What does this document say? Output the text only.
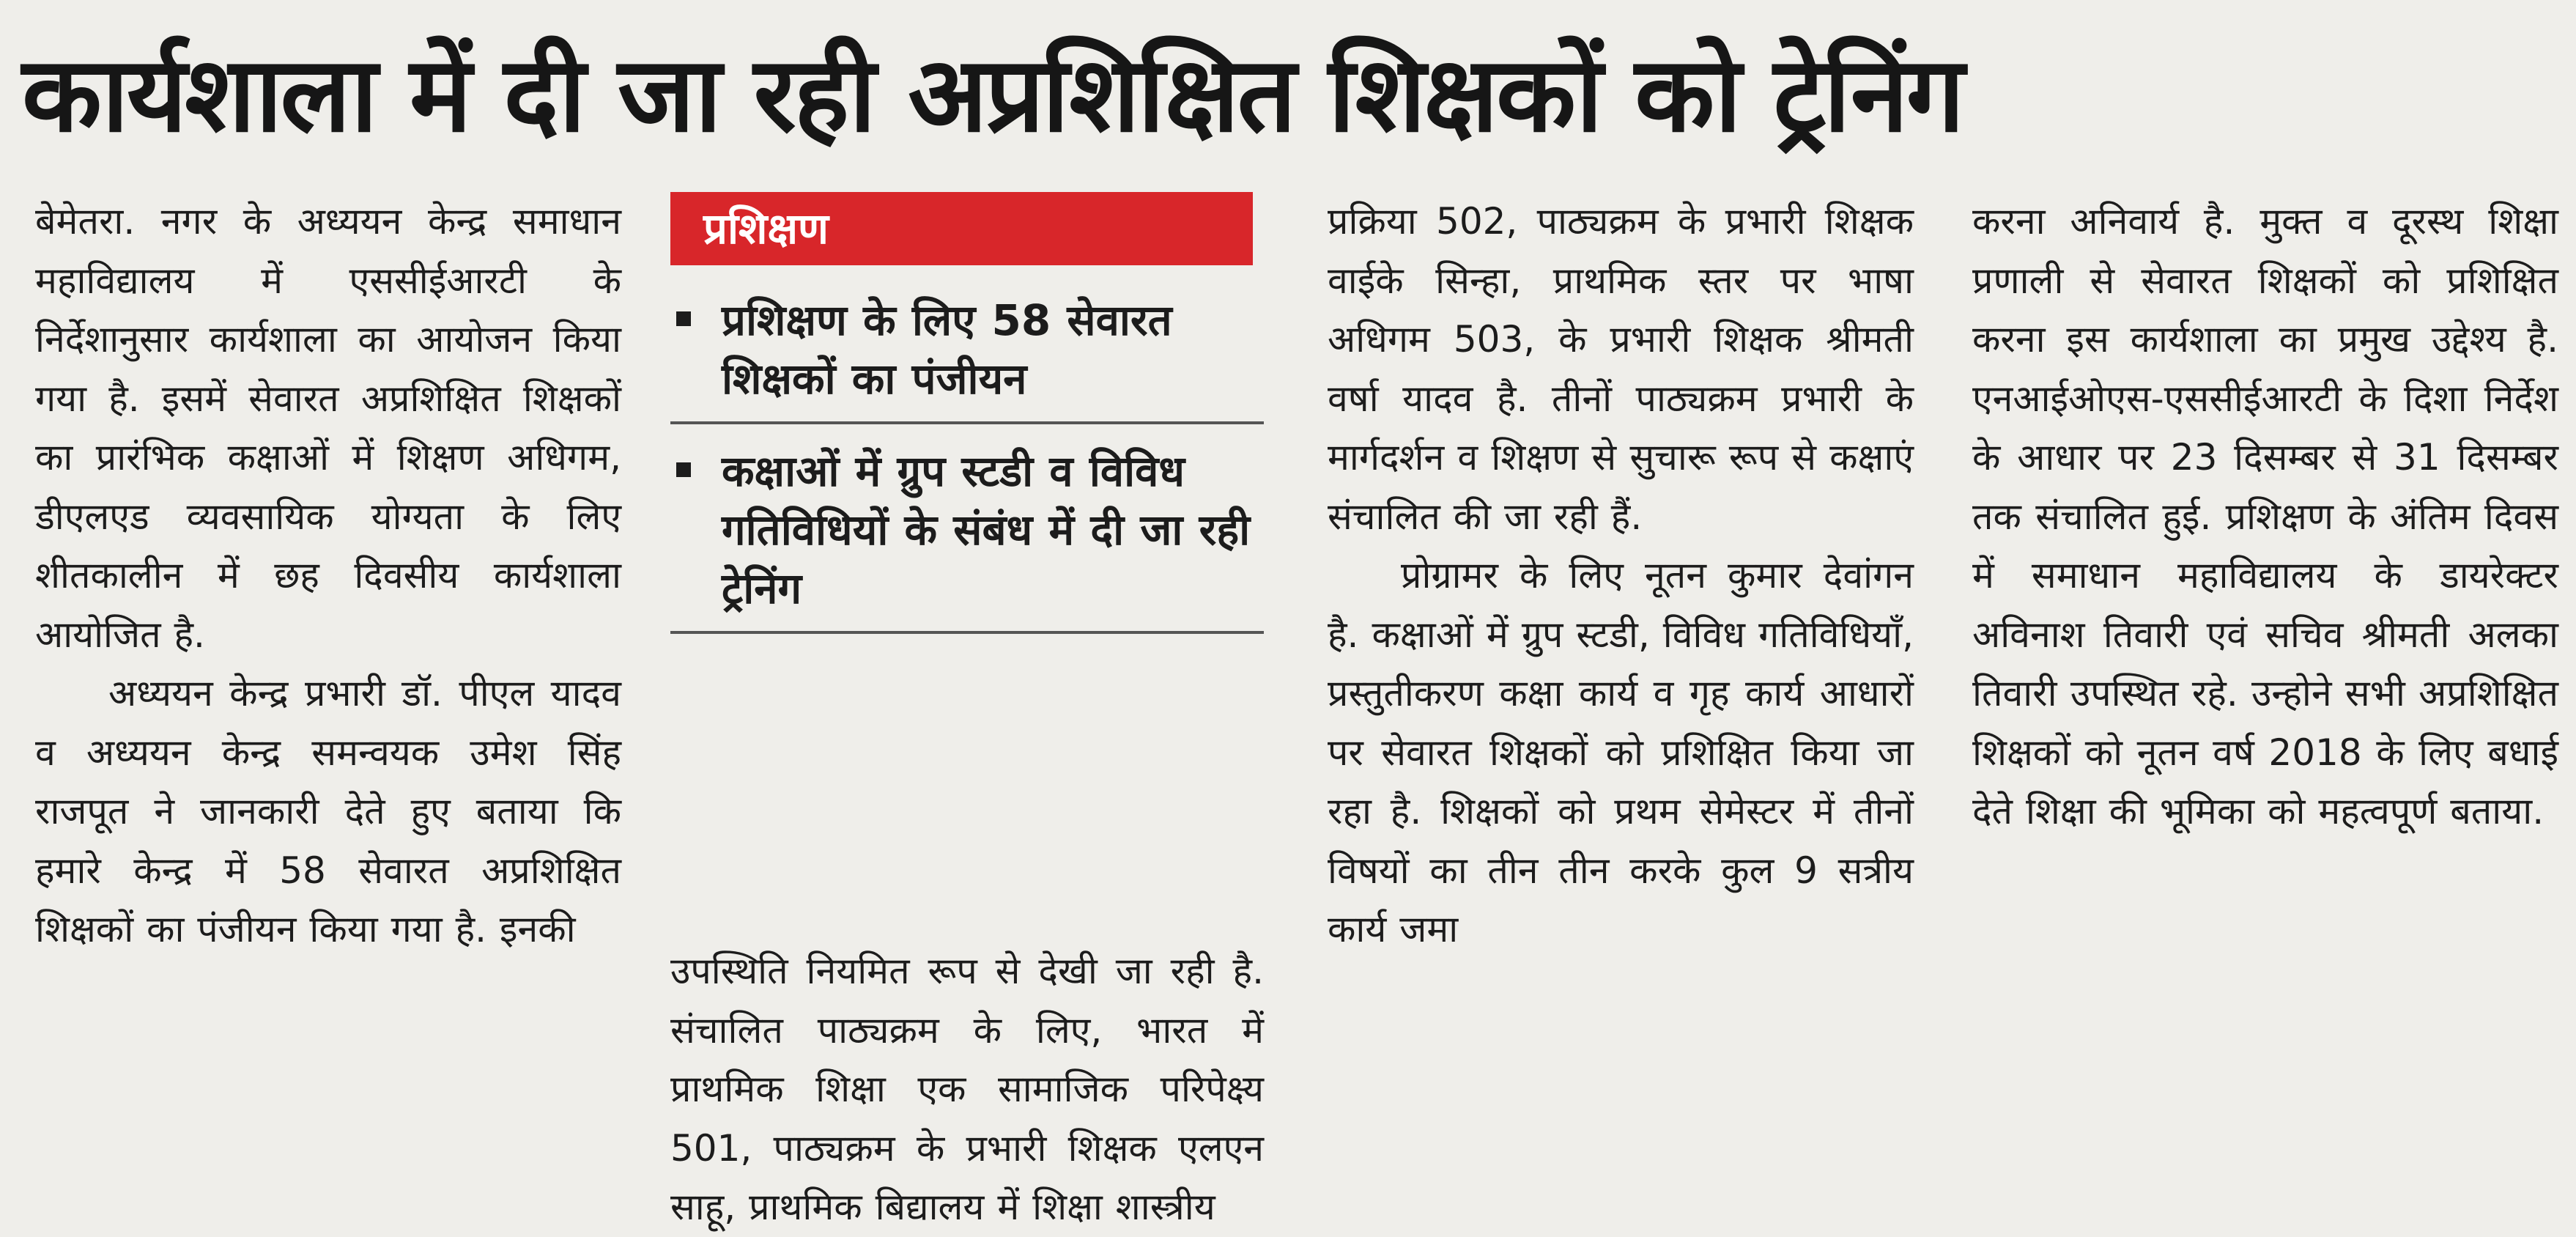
कार्यशाला में दी जा रही अप्रशिक्षित शिक्षकों को ट्रेनिंग

बेमेतरा. नगर के अध्ययन केन्द्र समाधान महाविद्यालय में एससीईआरटी के निर्देशानुसार कार्यशाला का आयोजन किया गया है. इसमें सेवारत अप्रशिक्षित शिक्षकों का प्रारंभिक कक्षाओं में शिक्षण अधिगम, डीएलएड व्यवसायिक योग्यता के लिए शीतकालीन में छह दिवसीय कार्यशाला आयोजित है.

अध्ययन केन्द्र प्रभारी डॉ. पीएल यादव व अध्ययन केन्द्र समन्वयक उमेश सिंह राजपूत ने जानकारी देते हुए बताया कि हमारे केन्द्र में 58 सेवारत अप्रशिक्षित शिक्षकों का पंजीयन किया गया है. इनकी

प्रशिक्षण
प्रशिक्षण के लिए 58 सेवारत शिक्षकों का पंजीयन
कक्षाओं में ग्रुप स्टडी व विविध गतिविधियों के संबंध में दी जा रही ट्रेनिंग

उपस्थिति नियमित रूप से देखी जा रही है. संचालित पाठ्यक्रम के लिए, भारत में प्राथमिक शिक्षा एक सामाजिक परिपेक्ष्य 501, पाठ्यक्रम के प्रभारी शिक्षक एलएन साहू, प्राथमिक बिद्यालय में शिक्षा शास्त्रीय

प्रक्रिया 502, पाठ्यक्रम के प्रभारी शिक्षक वाईके सिन्हा, प्राथमिक स्तर पर भाषा अधिगम 503, के प्रभारी शिक्षक श्रीमती वर्षा यादव है. तीनों पाठ्यक्रम प्रभारी के मार्गदर्शन व शिक्षण से सुचारू रूप से कक्षाएं संचालित की जा रही हैं.

प्रोग्रामर के लिए नूतन कुमार देवांगन है. कक्षाओं में ग्रुप स्टडी, विविध गतिविधियाँ, प्रस्तुतीकरण कक्षा कार्य व गृह कार्य आधारों पर सेवारत शिक्षकों को प्रशिक्षित किया जा रहा है. शिक्षकों को प्रथम सेमेस्टर में तीनों विषयों का तीन तीन करके कुल 9 सत्रीय कार्य जमा

करना अनिवार्य है. मुक्त व दूरस्थ शिक्षा प्रणाली से सेवारत शिक्षकों को प्रशिक्षित करना इस कार्यशाला का प्रमुख उद्देश्य है. एनआईओएस-एससीईआरटी के दिशा निर्देश के आधार पर 23 दिसम्बर से 31 दिसम्बर तक संचालित हुई. प्रशिक्षण के अंतिम दिवस में समाधान महाविद्यालय के डायरेक्टर अविनाश तिवारी एवं सचिव श्रीमती अलका तिवारी उपस्थित रहे. उन्होने सभी अप्रशिक्षित शिक्षकों को नूतन वर्ष 2018 के लिए बधाई देते शिक्षा की भूमिका को महत्वपूर्ण बताया.
